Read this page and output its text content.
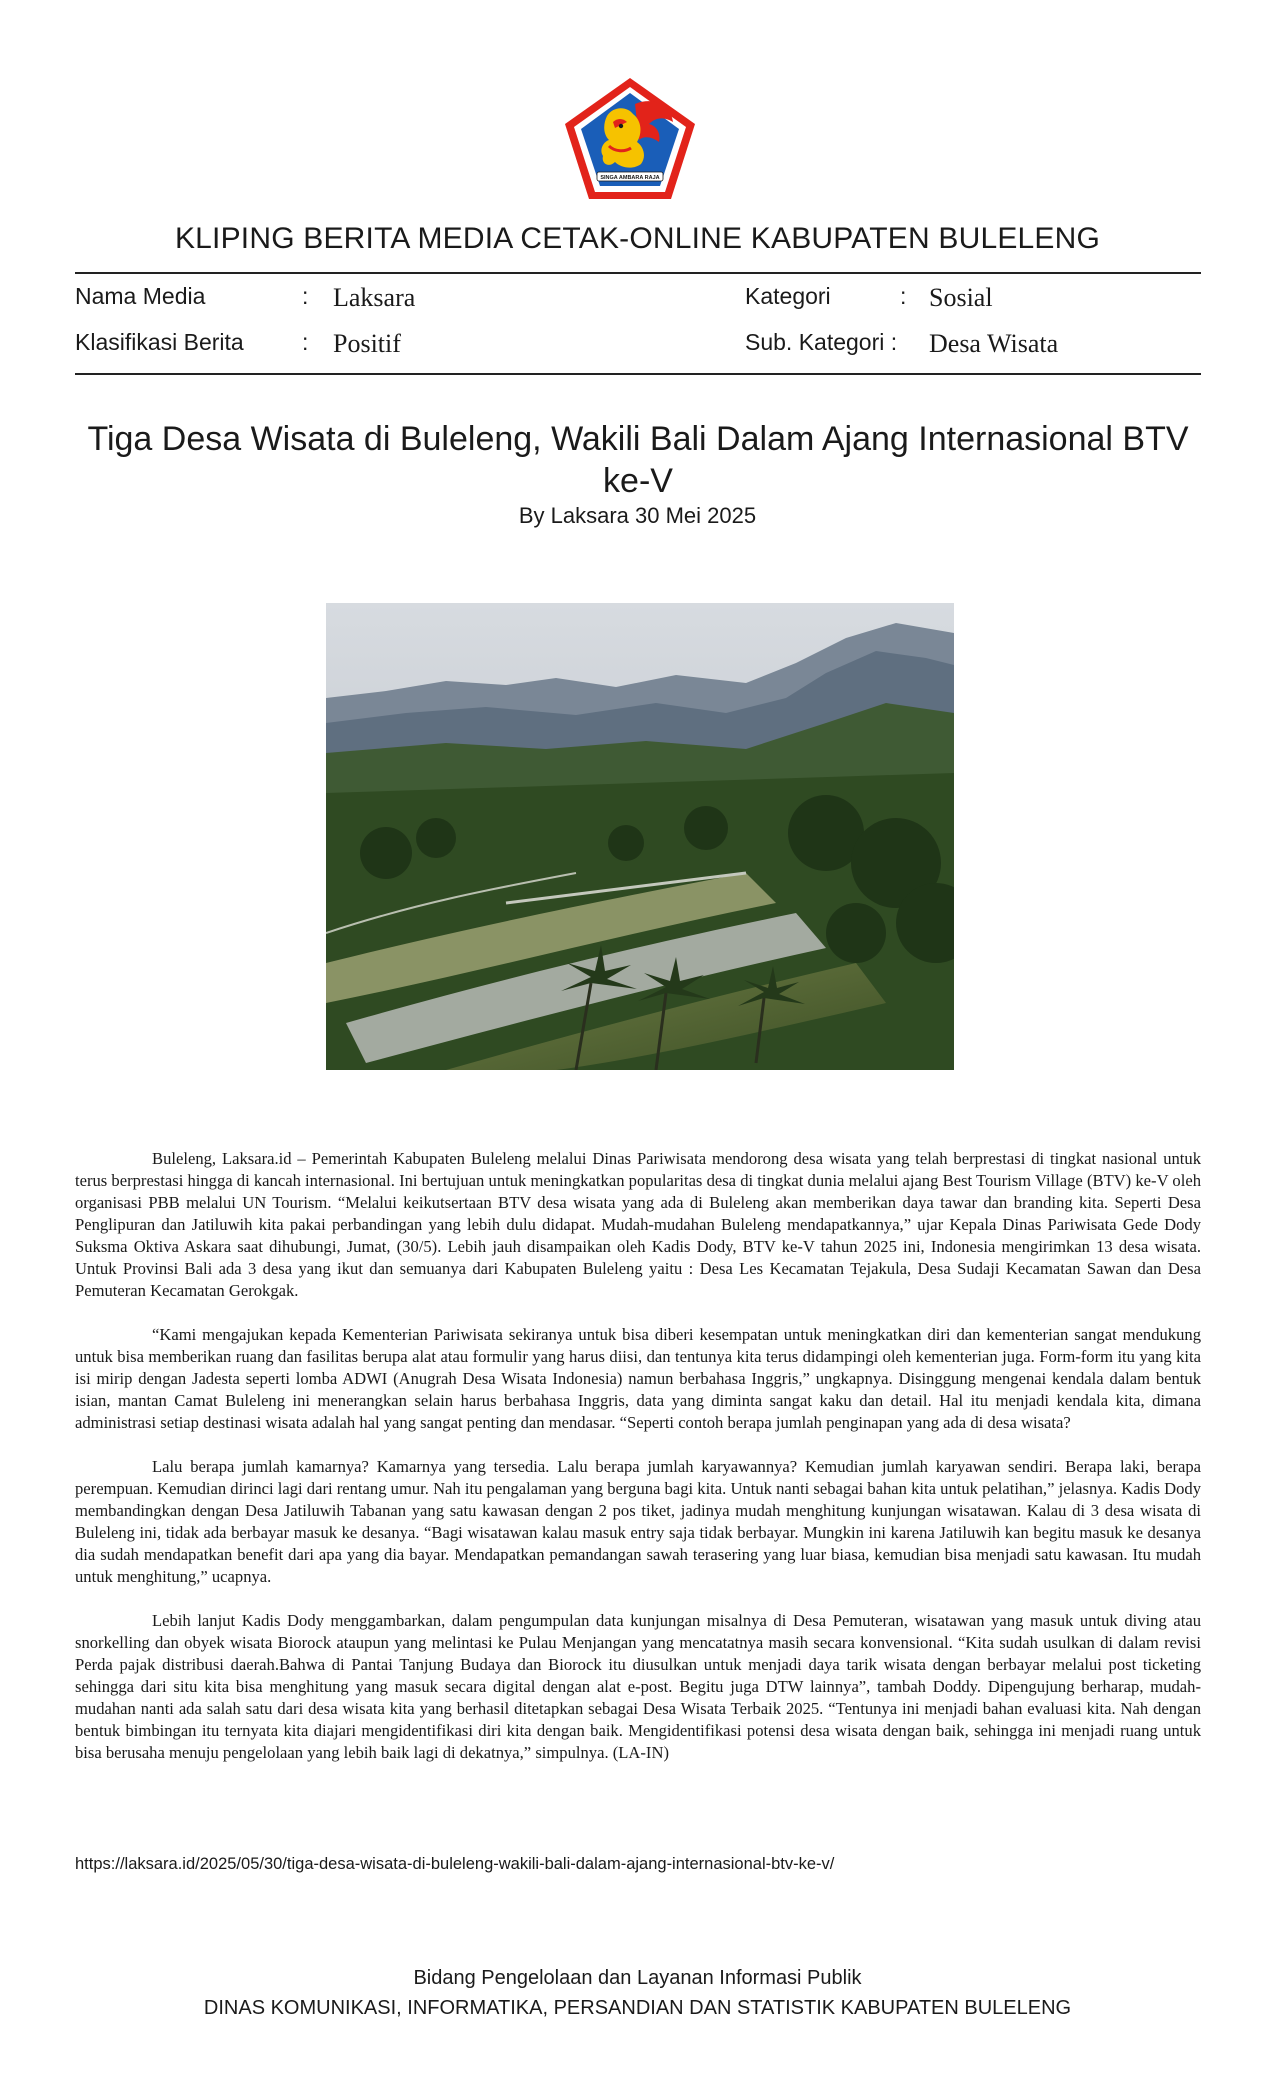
SINGA AMBARA RAJA
KLIPING BERITA MEDIA CETAK-ONLINE KABUPATEN BULELENG
Nama Media	: Laksara
Klasifikasi Berita	: Positif
Kategori	: Sosial
Sub. Kategori : Desa Wisata
Tiga Desa Wisata di Buleleng, Wakili Bali Dalam Ajang Internasional BTV ke-V
By Laksara 30 Mei 2025

Buleleng, Laksara.id – Pemerintah Kabupaten Buleleng melalui Dinas Pariwisata mendorong desa wisata yang telah berprestasi di tingkat nasional untuk terus berprestasi hingga di kancah internasional. Ini bertujuan untuk meningkatkan popularitas desa di tingkat dunia melalui ajang Best Tourism Village (BTV) ke-V oleh organisasi PBB melalui UN Tourism. “Melalui keikutsertaan BTV desa wisata yang ada di Buleleng akan memberikan daya tawar dan branding kita. Seperti Desa Penglipuran dan Jatiluwih kita pakai perbandingan yang lebih dulu didapat. Mudah-mudahan Buleleng mendapatkannya,” ujar Kepala Dinas Pariwisata Gede Dody Suksma Oktiva Askara saat dihubungi, Jumat, (30/5). Lebih jauh disampaikan oleh Kadis Dody, BTV ke-V tahun 2025 ini, Indonesia mengirimkan 13 desa wisata. Untuk Provinsi Bali ada 3 desa yang ikut dan semuanya dari Kabupaten Buleleng yaitu : Desa Les Kecamatan Tejakula, Desa Sudaji Kecamatan Sawan dan Desa Pemuteran Kecamatan Gerokgak.

“Kami mengajukan kepada Kementerian Pariwisata sekiranya untuk bisa diberi kesempatan untuk meningkatkan diri dan kementerian sangat mendukung untuk bisa memberikan ruang dan fasilitas berupa alat atau formulir yang harus diisi, dan tentunya kita terus didampingi oleh kementerian juga. Form-form itu yang kita isi mirip dengan Jadesta seperti lomba ADWI (Anugrah Desa Wisata Indonesia) namun berbahasa Inggris,” ungkapnya. Disinggung mengenai kendala dalam bentuk isian, mantan Camat Buleleng ini menerangkan selain harus berbahasa Inggris, data yang diminta sangat kaku dan detail. Hal itu menjadi kendala kita, dimana administrasi setiap destinasi wisata adalah hal yang sangat penting dan mendasar. “Seperti contoh berapa jumlah penginapan yang ada di desa wisata?

Lalu berapa jumlah kamarnya? Kamarnya yang tersedia. Lalu berapa jumlah karyawannya? Kemudian jumlah karyawan sendiri. Berapa laki, berapa perempuan. Kemudian dirinci lagi dari rentang umur. Nah itu pengalaman yang berguna bagi kita. Untuk nanti sebagai bahan kita untuk pelatihan,” jelasnya. Kadis Dody membandingkan dengan Desa Jatiluwih Tabanan yang satu kawasan dengan 2 pos tiket, jadinya mudah menghitung kunjungan wisatawan. Kalau di 3 desa wisata di Buleleng ini, tidak ada berbayar masuk ke desanya. “Bagi wisatawan kalau masuk entry saja tidak berbayar. Mungkin ini karena Jatiluwih kan begitu masuk ke desanya dia sudah mendapatkan benefit dari apa yang dia bayar. Mendapatkan pemandangan sawah terasering yang luar biasa, kemudian bisa menjadi satu kawasan. Itu mudah untuk menghitung,” ucapnya.

Lebih lanjut Kadis Dody menggambarkan, dalam pengumpulan data kunjungan misalnya di Desa Pemuteran, wisatawan yang masuk untuk diving atau snorkelling dan obyek wisata Biorock ataupun yang melintasi ke Pulau Menjangan yang mencatatnya masih secara konvensional. “Kita sudah usulkan di dalam revisi Perda pajak distribusi daerah.Bahwa di Pantai Tanjung Budaya dan Biorock itu diusulkan untuk menjadi daya tarik wisata dengan berbayar melalui post ticketing sehingga dari situ kita bisa menghitung yang masuk secara digital dengan alat e-post. Begitu juga DTW lainnya”, tambah Doddy. Dipengujung berharap, mudah-mudahan nanti ada salah satu dari desa wisata kita yang berhasil ditetapkan sebagai Desa Wisata Terbaik 2025. “Tentunya ini menjadi bahan evaluasi kita. Nah dengan bentuk bimbingan itu ternyata kita diajari mengidentifikasi diri kita dengan baik. Mengidentifikasi potensi desa wisata dengan baik, sehingga ini menjadi ruang untuk bisa berusaha menuju pengelolaan yang lebih baik lagi di dekatnya,” simpulnya. (LA-IN)

https://laksara.id/2025/05/30/tiga-desa-wisata-di-buleleng-wakili-bali-dalam-ajang-internasional-btv-ke-v/
Bidang Pengelolaan dan Layanan Informasi Publik
DINAS KOMUNIKASI, INFORMATIKA, PERSANDIAN DAN STATISTIK KABUPATEN BULELENG
